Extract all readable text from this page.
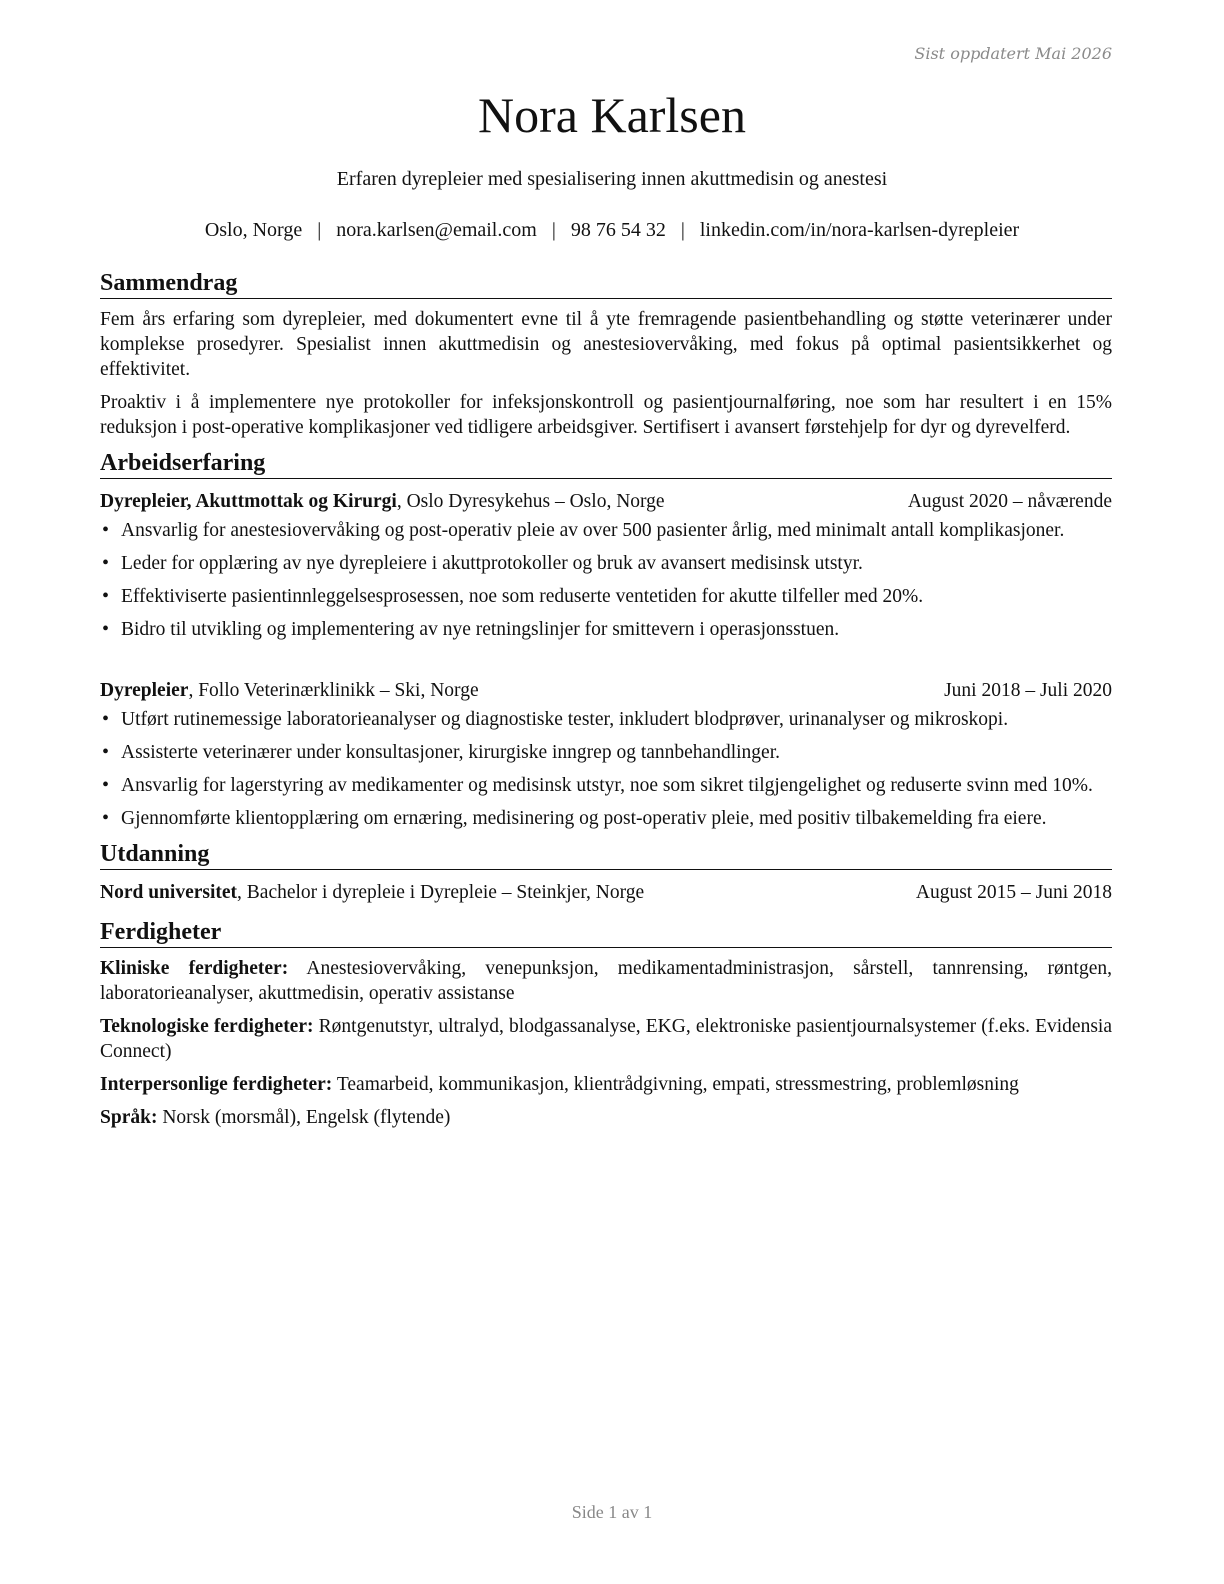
Sist oppdatert Mai 2026
Nora Karlsen
Erfaren dyrepleier med spesialisering innen akuttmedisin og anestesi
Oslo, Norge | nora.karlsen@email.com | 98 76 54 32 | linkedin.com/in/nora-karlsen-dyrepleier
Sammendrag

Fem års erfaring som dyrepleier, med dokumentert evne til å yte fremragende pasientbehandling og støtte veterinærer under komplekse prosedyrer. Spesialist innen akuttmedisin og anestesiovervåking, med fokus på optimal pasientsikkerhet og effektivitet.

Proaktiv i å implementere nye protokoller for infeksjonskontroll og pasientjournalføring, noe som har resultert i en 15% reduksjon i post-operative komplikasjoner ved tidligere arbeidsgiver. Sertifisert i avansert førstehjelp for dyr og dyrevelferd.

Arbeidserfaring
Dyrepleier, Akuttmottak og Kirurgi, Oslo Dyresykehus – Oslo, Norge	August 2020 – nåværende
• Ansvarlig for anestesiovervåking og post-operativ pleie av over 500 pasienter årlig, med minimalt antall komplikasjoner.
• Leder for opplæring av nye dyrepleiere i akuttprotokoller og bruk av avansert medisinsk utstyr.
• Effektiviserte pasientinnleggelsesprosessen, noe som reduserte ventetiden for akutte tilfeller med 20%.
• Bidro til utvikling og implementering av nye retningslinjer for smittevern i operasjonsstuen.
Dyrepleier, Follo Veterinærklinikk – Ski, Norge	Juni 2018 – Juli 2020
• Utført rutinemessige laboratorieanalyser og diagnostiske tester, inkludert blodprøver, urinanalyser og mikroskopi.
• Assisterte veterinærer under konsultasjoner, kirurgiske inngrep og tannbehandlinger.
• Ansvarlig for lagerstyring av medikamenter og medisinsk utstyr, noe som sikret tilgjengelighet og reduserte svinn med 10%.
• Gjennomførte klientopplæring om ernæring, medisinering og post-operativ pleie, med positiv tilbakemelding fra eiere.
Utdanning
Nord universitet, Bachelor i dyrepleie i Dyrepleie – Steinkjer, Norge	August 2015 – Juni 2018
Ferdigheter
Kliniske ferdigheter: Anestesiovervåking, venepunksjon, medikamentadministrasjon, sårstell, tannrensing, røntgen, laboratorieanalyser, akuttmedisin, operativ assistanse
Teknologiske ferdigheter: Røntgenutstyr, ultralyd, blodgassanalyse, EKG, elektroniske pasientjournalsystemer (f.eks. Evidensia Connect)
Interpersonlige ferdigheter: Teamarbeid, kommunikasjon, klientrådgivning, empati, stressmestring, problemløsning
Språk: Norsk (morsmål), Engelsk (flytende)
Side 1 av 1
